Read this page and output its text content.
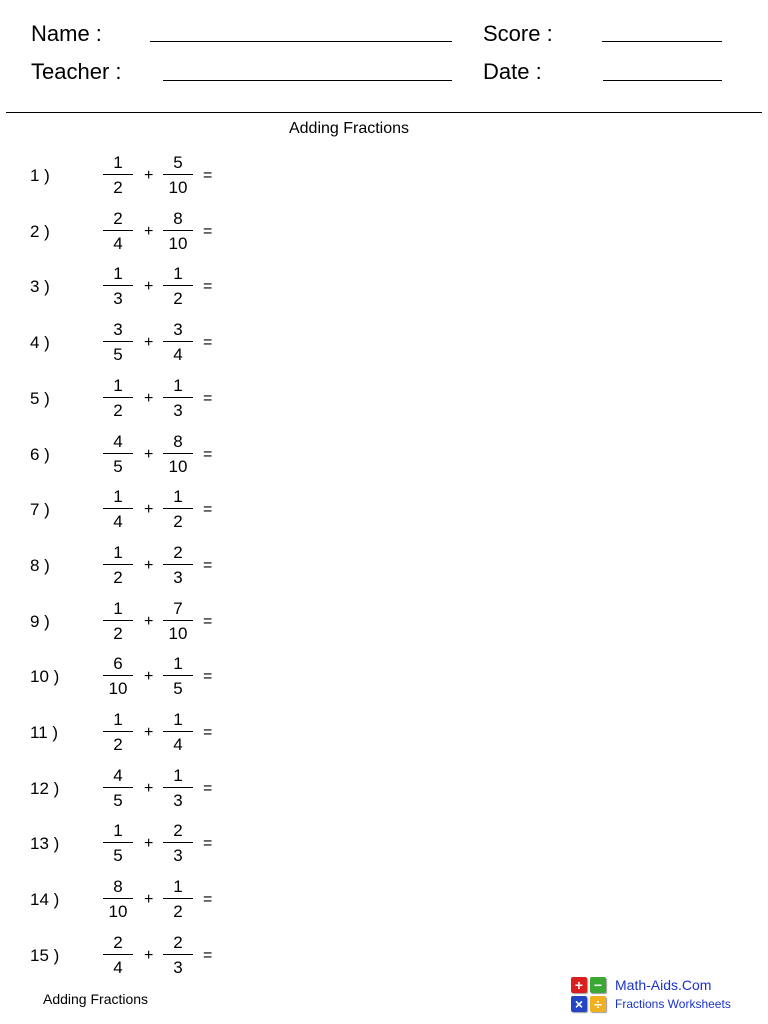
Name :
Teacher :
Score :
Date :
Adding Fractions
1 )
1
2
+
5
10
=
2 )
2
4
+
8
10
=
3 )
1
3
+
1
2
=
4 )
3
5
+
3
4
=
5 )
1
2
+
1
3
=
6 )
4
5
+
8
10
=
7 )
1
4
+
1
2
=
8 )
1
2
+
2
3
=
9 )
1
2
+
7
10
=
10 )
6
10
+
1
5
=
11 )
1
2
+
1
4
=
12 )
4
5
+
1
3
=
13 )
1
5
+
2
3
=
14 )
8
10
+
1
2
=
15 )
2
4
+
2
3
=
Adding Fractions
+ −
× ÷
Math-Aids.Com
Fractions Worksheets
